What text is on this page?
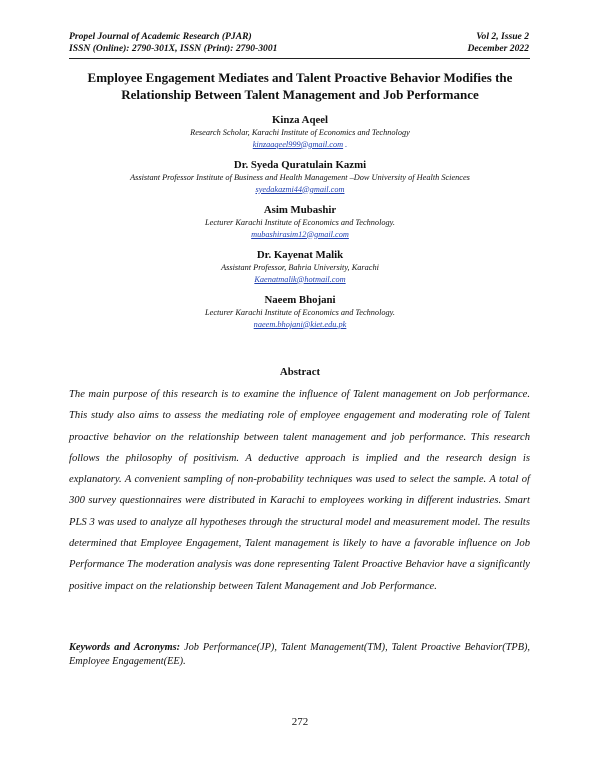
Propel Journal of Academic Research (PJAR)	Vol 2, Issue 2
ISSN (Online): 2790-301X, ISSN (Print): 2790-3001	December 2022
Employee Engagement Mediates and Talent Proactive Behavior Modifies the
Relationship Between Talent Management and Job Performance
Kinza Aqeel
Research Scholar, Karachi Institute of Economics and Technology
kinzaaqeel999@gmail.com .
Dr. Syeda Quratulain Kazmi
Assistant Professor Institute of Business and Health Management –Dow University of Health Sciences
syedakazmi44@gmail.com
Asim Mubashir
Lecturer Karachi Institute of Economics and Technology.
mubashirasim12@gmail.com
Dr. Kayenat Malik
Assistant Professor, Bahria University, Karachi
Kaenatmalik@hotmail.com
Naeem Bhojani
Lecturer Karachi Institute of Economics and Technology.
naeem.bhojani@kiet.edu.pk
Abstract

The main purpose of this research is to examine the influence of Talent management on Job performance. This study also aims to assess the mediating role of employee engagement and moderating role of Talent proactive behavior on the relationship between talent management and job performance. This research follows the philosophy of positivism. A deductive approach is implied and the research design is explanatory. A convenient sampling of non-probability techniques was used to select the sample. A total of 300 survey questionnaires were distributed in Karachi to employees working in different industries. Smart PLS 3 was used to analyze all hypotheses through the structural model and measurement model. The results determined that Employee Engagement, Talent management is likely to have a favorable influence on Job Performance The moderation analysis was done representing Talent Proactive Behavior have a significantly positive impact on the relationship between Talent Management and Job Performance.

Keywords and Acronyms: Job Performance(JP), Talent Management(TM), Talent Proactive Behavior(TPB), Employee Engagement(EE).

272
